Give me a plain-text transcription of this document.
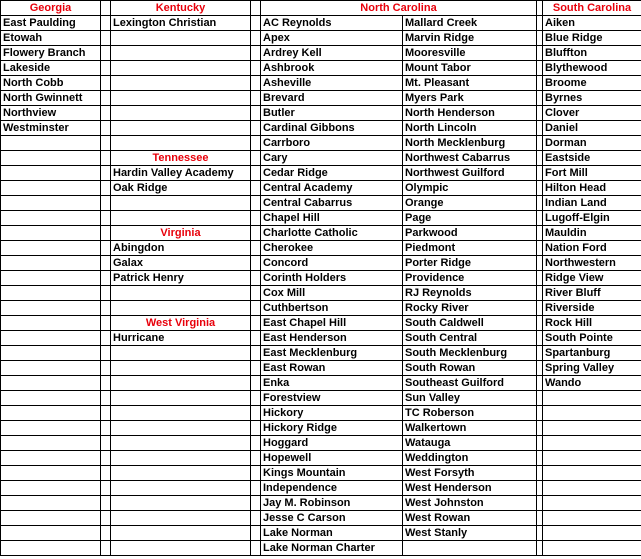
Georgia		Kentucky		North Carolina			South Carolina
East Paulding		Lexington Christian		AC Reynolds	Mallard Creek		Aiken
Etowah				Apex	Marvin Ridge		Blue Ridge
Flowery Branch				Ardrey Kell	Mooresville		Bluffton
Lakeside				Ashbrook	Mount Tabor		Blythewood
North Cobb				Asheville	Mt. Pleasant		Broome
North Gwinnett				Brevard	Myers Park		Byrnes
Northview				Butler	North Henderson		Clover
Westminster				Cardinal Gibbons	North Lincoln		Daniel
				Carrboro	North Mecklenburg		Dorman
		Tennessee		Cary	Northwest Cabarrus		Eastside
		Hardin Valley Academy		Cedar Ridge	Northwest Guilford		Fort Mill
		Oak Ridge		Central Academy	Olympic		Hilton Head
				Central Cabarrus	Orange		Indian Land
				Chapel Hill	Page		Lugoff-Elgin
		Virginia		Charlotte Catholic	Parkwood		Mauldin
		Abingdon		Cherokee	Piedmont		Nation Ford
		Galax		Concord	Porter Ridge		Northwestern
		Patrick Henry		Corinth Holders	Providence		Ridge View
				Cox Mill	RJ Reynolds		River Bluff
				Cuthbertson	Rocky River		Riverside
		West Virginia		East Chapel Hill	South Caldwell		Rock Hill
		Hurricane		East Henderson	South Central		South Pointe
				East Mecklenburg	South Mecklenburg		Spartanburg
				East Rowan	South Rowan		Spring Valley
				Enka	Southeast Guilford		Wando
				Forestview	Sun Valley		
				Hickory	TC Roberson		
				Hickory Ridge	Walkertown		
				Hoggard	Watauga		
				Hopewell	Weddington		
				Kings Mountain	West Forsyth		
				Independence	West Henderson		
				Jay M. Robinson	West Johnston		
				Jesse C Carson	West Rowan		
				Lake Norman	West Stanly		
				Lake Norman Charter			
